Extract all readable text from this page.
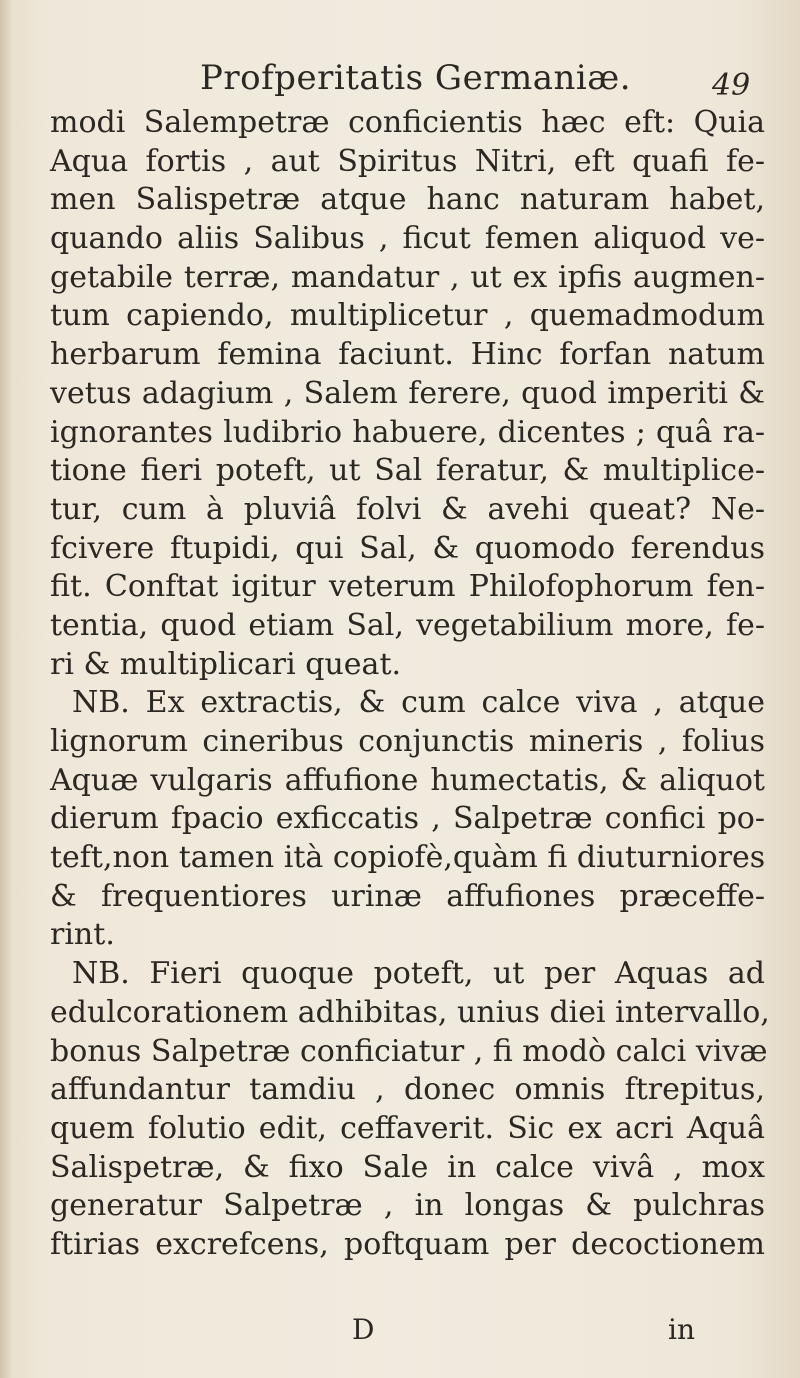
Profperitatis Germaniæ.	49
modi Salempetræ conficientis hæc eft: Quia
Aqua fortis , aut Spiritus Nitri, eft quafi fe-
men Salispetræ atque hanc naturam habet,
quando aliis Salibus , ficut femen aliquod ve-
getabile terræ, mandatur , ut ex ipfis augmen-
tum capiendo, multiplicetur , quemadmodum
herbarum femina faciunt. Hinc forfan natum
vetus adagium , Salem ferere, quod imperiti &
ignorantes ludibrio habuere, dicentes ; quâ ra-
tione fieri poteft, ut Sal feratur, & multiplice-
tur, cum à pluviâ folvi & avehi queat? Ne-
fcivere ftupidi, qui Sal, & quomodo ferendus
fit. Conftat igitur veterum Philofophorum fen-
tentia, quod etiam Sal, vegetabilium more, fe-
ri & multiplicari queat.
NB. Ex extractis, & cum calce viva , atque
lignorum cineribus conjunctis mineris , folius
Aquæ vulgaris affufione humectatis, & aliquot
dierum fpacio exficcatis , Salpetræ confici po-
teft,non tamen ità copiofè,quàm fi diuturniores
& frequentiores urinæ affufiones præceffe-
rint.
NB. Fieri quoque poteft, ut per Aquas ad
edulcorationem adhibitas, unius diei intervallo,
bonus Salpetræ conficiatur , fi modò calci vivæ
affundantur tamdiu , donec omnis ftrepitus,
quem folutio edit, ceffaverit. Sic ex acri Aquâ
Salispetræ, & fixo Sale in calce vivâ , mox
generatur Salpetræ , in longas & pulchras
ftirias excrefcens, poftquam per decoctionem
D	in
